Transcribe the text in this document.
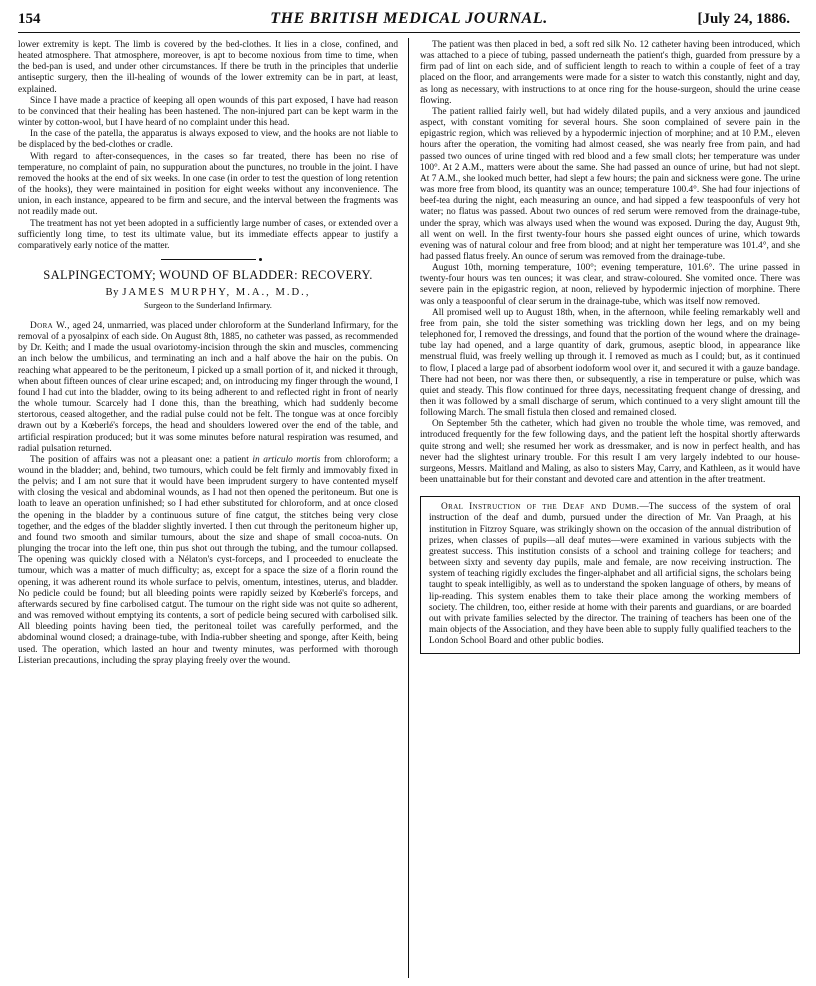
154	THE BRITISH MEDICAL JOURNAL.	[July 24, 1886.

lower extremity is kept. The limb is covered by the bed-clothes. It lies in a close, confined, and heated atmosphere. That atmosphere, moreover, is apt to become noxious from time to time, when the bed-pan is used, and under other circumstances. If there be truth in the principles that underlie antiseptic surgery, then the ill-healing of wounds of the lower extremity can be in part, at least, explained.

Since I have made a practice of keeping all open wounds of this part exposed, I have had reason to be convinced that their healing has been hastened. The non-injured part can be kept warm in the winter by cotton-wool, but I have heard of no complaint under this head.

In the case of the patella, the apparatus is always exposed to view, and the hooks are not liable to be displaced by the bed-clothes or cradle.

With regard to after-consequences, in the cases so far treated, there has been no rise of temperature, no complaint of pain, no suppuration about the punctures, no trouble in the joint. I have removed the hooks at the end of six weeks. In one case (in order to test the question of long retention of the hooks), they were maintained in position for eight weeks without any inconvenience. The union, in each instance, appeared to be firm and secure, and the interval between the fragments was not readily made out.

The treatment has not yet been adopted in a sufficiently large number of cases, or extended over a sufficiently long time, to test its ultimate value, but its immediate effects appear to justify a comparatively early notice of the matter.

SALPINGECTOMY; WOUND OF BLADDER: RECOVERY.
By JAMES MURPHY, M.A., M.D.,
Surgeon to the Sunderland Infirmary.

Dora W., aged 24, unmarried, was placed under chloroform at the Sunderland Infirmary, for the removal of a pyosalpinx of each side. On August 8th, 1885, no catheter was passed, as recommended by Dr. Keith; and I made the usual ovariotomy-incision through the skin and muscles, commencing an inch below the umbilicus, and terminating an inch and a half above the hair on the pubis. On reaching what appeared to be the peritoneum, I picked up a small portion of it, and nicked it through, when about fifteen ounces of clear urine escaped; and, on introducing my finger through the wound, I found I had cut into the bladder, owing to its being adherent to and reflected right in front of nearly the whole tumour. Scarcely had I done this, than the breathing, which had suddenly become stertorous, ceased altogether, and the radial pulse could not be felt. The tongue was at once forcibly drawn out by a Kœberlé's forceps, the head and shoulders lowered over the end of the table, and artificial respiration produced; but it was some minutes before natural respiration was resumed, and radial pulsation returned.

The position of affairs was not a pleasant one: a patient in articulo mortis from chloroform; a wound in the bladder; and, behind, two tumours, which could be felt firmly and immovably fixed in the pelvis; and I am not sure that it would have been imprudent surgery to have contented myself with closing the vesical and abdominal wounds, as I had not then opened the peritoneum. But one is loath to leave an operation unfinished; so I had ether substituted for chloroform, and at once closed the opening in the bladder by a continuous suture of fine catgut, the stitches being very close together, and the edges of the bladder slightly inverted. I then cut through the peritoneum higher up, and found two smooth and similar tumours, about the size and shape of small cocoa-nuts. On plunging the trocar into the left one, thin pus shot out through the tubing, and the tumour collapsed. The opening was quickly closed with a Nélaton's cyst-forceps, and I proceeded to enucleate the tumour, which was a matter of much difficulty; as, except for a space the size of a florin round the opening, it was adherent round its whole surface to pelvis, omentum, intestines, uterus, and bladder. No pedicle could be found; but all bleeding points were rapidly seized by Kœberlé's forceps, and afterwards secured by fine carbolised catgut. The tumour on the right side was not quite so adherent, and was removed without emptying its contents, a sort of pedicle being secured with carbolised silk. All bleeding points having been tied, the peritoneal toilet was carefully performed, and the abdominal wound closed; a drainage-tube, with India-rubber sheeting and sponge, after Keith, being used. The operation, which lasted an hour and twenty minutes, was performed with thorough Listerian precautions, including the spray playing freely over the wound.

The patient was then placed in bed, a soft red silk No. 12 catheter having been introduced, which was attached to a piece of tubing, passed underneath the patient's thigh, guarded from pressure by a firm pad of lint on each side, and of sufficient length to reach to within a couple of feet of a tray placed on the floor, and arrangements were made for a sister to watch this constantly, night and day, as long as necessary, with instructions to at once ring for the house-surgeon, should the urine cease flowing.

The patient rallied fairly well, but had widely dilated pupils, and a very anxious and jaundiced aspect, with constant vomiting for several hours. She soon complained of severe pain in the epigastric region, which was relieved by a hypodermic injection of morphine; and at 10 P.M., eleven hours after the operation, the vomiting had almost ceased, she was nearly free from pain, and had passed two ounces of urine tinged with red blood and a few small clots; her temperature was under 100°. At 2 A.M., matters were about the same. She had passed an ounce of urine, but had not slept. At 7 A.M., she looked much better, had slept a few hours; the pain and sickness were gone. The urine was more free from blood, its quantity was an ounce; temperature 100.4°. She had four injections of beef-tea during the night, each measuring an ounce, and had sipped a few teaspoonfuls of very hot water; no flatus was passed. About two ounces of red serum were removed from the drainage-tube, under the spray, which was always used when the wound was exposed. During the day, August 9th, all went on well. In the first twenty-four hours she passed eight ounces of urine, which towards evening was of natural colour and free from blood; and at night her temperature was 101.4°, and she had passed flatus freely. An ounce of serum was removed from the drainage-tube.

August 10th, morning temperature, 100°; evening temperature, 101.6°. The urine passed in twenty-four hours was ten ounces; it was clear, and straw-coloured. She vomited once. There was severe pain in the epigastric region, at noon, relieved by hypodermic injection of morphine. There was only a teaspoonful of clear serum in the drainage-tube, which was itself now removed.

All promised well up to August 18th, when, in the afternoon, while feeling remarkably well and free from pain, she told the sister something was trickling down her legs, and on my being telephoned for, I removed the dressings, and found that the portion of the wound where the drainage-tube lay had opened, and a large quantity of dark, grumous, aseptic blood, in appearance like menstrual fluid, was freely welling up through it. I removed as much as I could; but, as it continued to flow, I placed a large pad of absorbent iodoform wool over it, and secured it with a gauze bandage. There had not been, nor was there then, or subsequently, a rise in temperature or pulse, which was quiet and steady. This flow continued for three days, necessitating frequent change of dressing, and then it was followed by a small discharge of serum, which continued to a very slight amount till the following March. The small fistula then closed and remained closed.

On September 5th the catheter, which had given no trouble the whole time, was removed, and introduced frequently for the few following days, and the patient left the hospital shortly afterwards quite strong and well; she resumed her work as dressmaker, and is now in perfect health, and has never had the slightest urinary trouble. For this result I am very largely indebted to our house-surgeons, Messrs. Maitland and Maling, as also to sisters May, Carry, and Kathleen, as it would have been unattainable but for their constant and devoted care and attention in the after treatment.

Oral Instruction of the Deaf and Dumb.—The success of the system of oral instruction of the deaf and dumb, pursued under the direction of Mr. Van Praagh, at his institution in Fitzroy Square, was strikingly shown on the occasion of the annual distribution of prizes, when classes of pupils—all deaf mutes—were examined in various subjects with the greatest success. This institution consists of a school and training college for teachers; and between sixty and seventy day pupils, male and female, are now receiving instruction. The system of teaching rigidly excludes the finger-alphabet and all artificial signs, the scholars being taught to speak intelligibly, as well as to understand the spoken language of others, by means of lip-reading. This system enables them to take their place among the working members of society. The children, too, either reside at home with their parents and guardians, or are boarded out with private families selected by the director. The training of teachers has been one of the main objects of the Association, and they have been able to supply fully qualified teachers to the London School Board and other public bodies.
